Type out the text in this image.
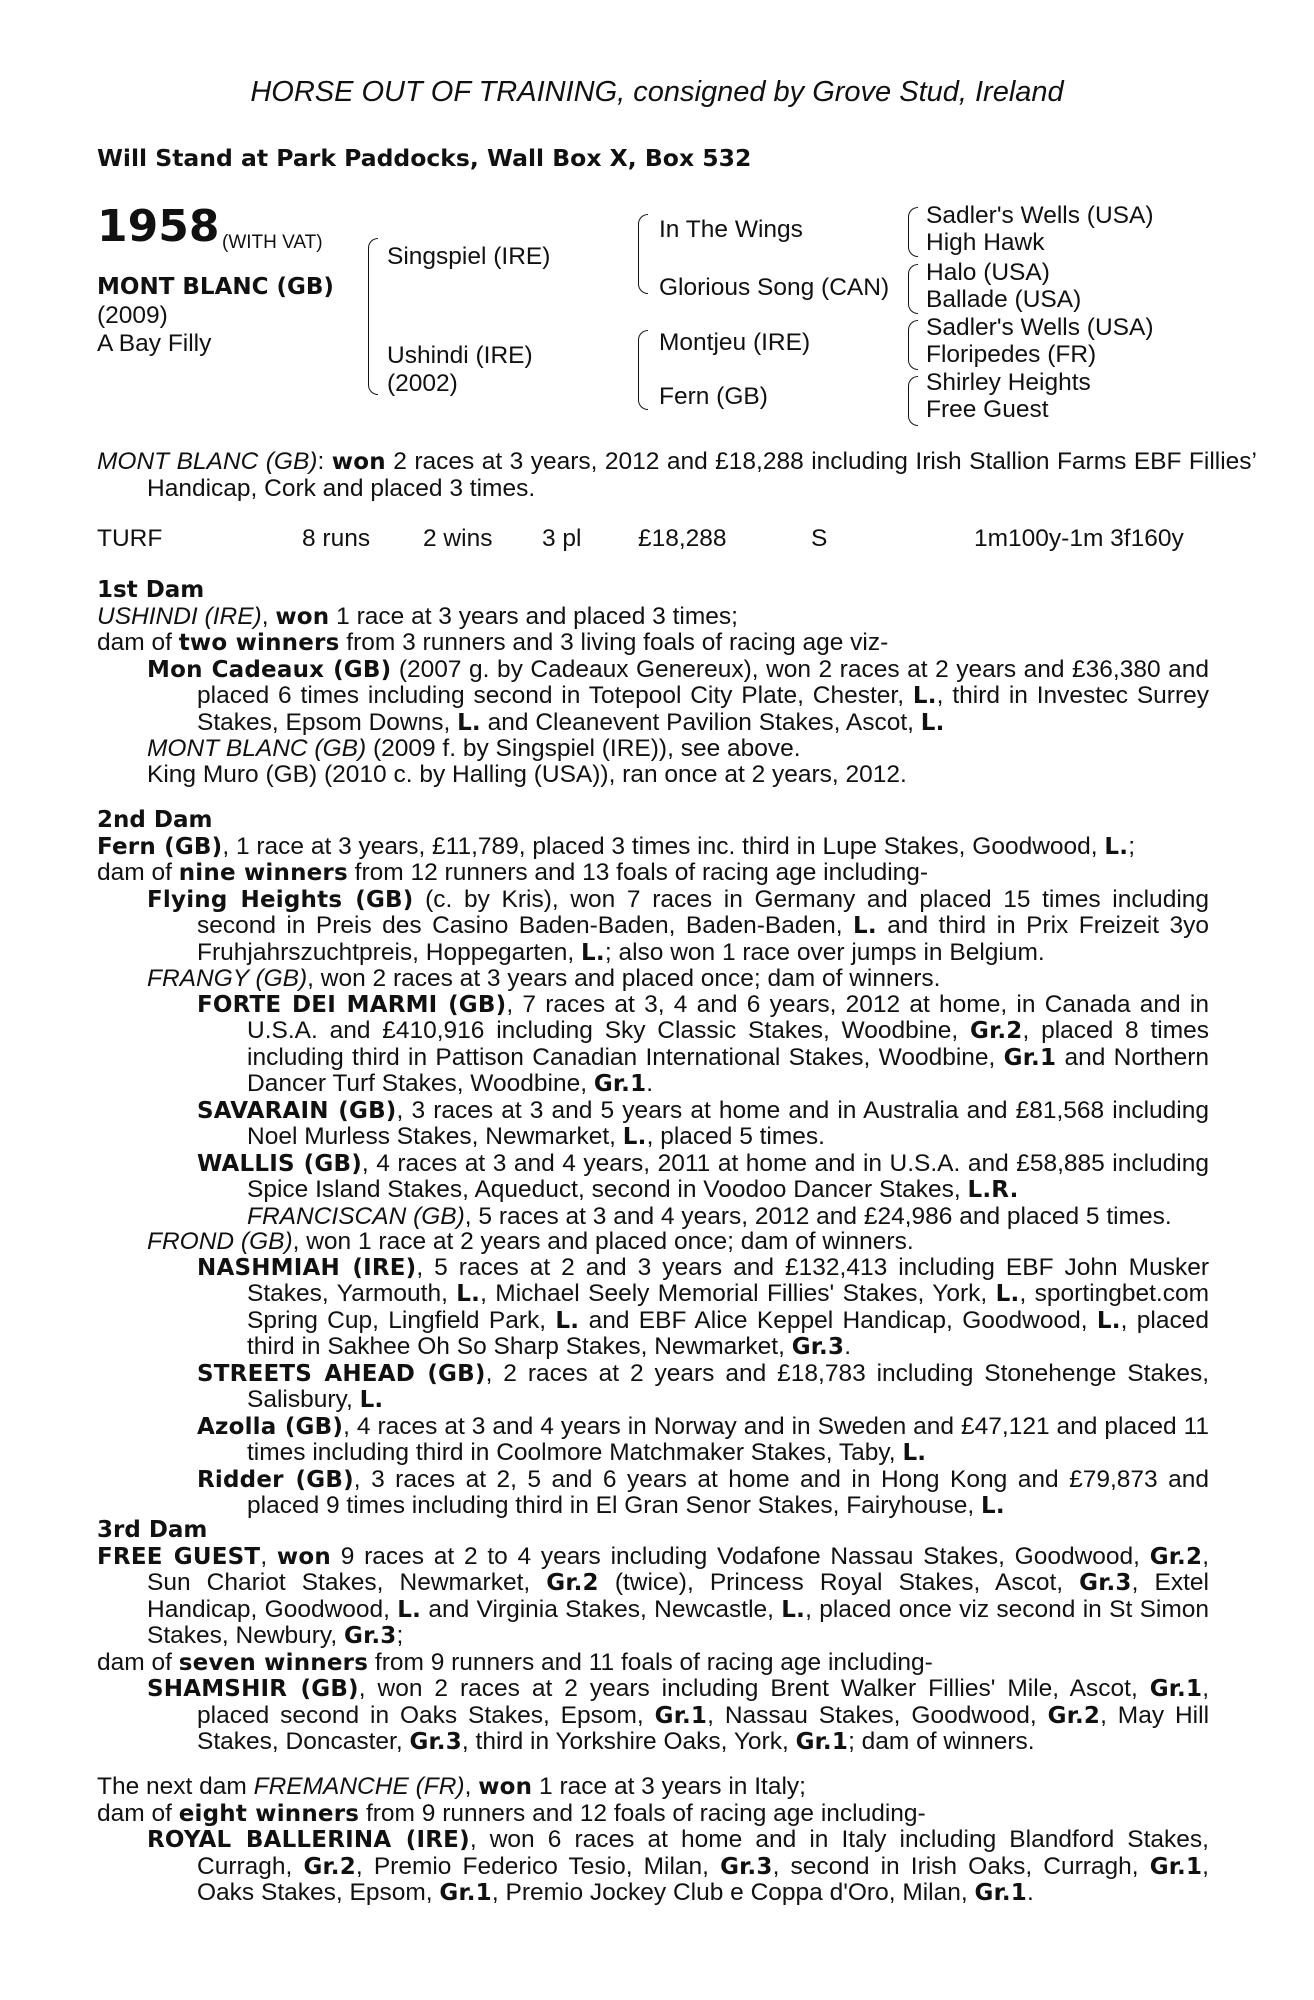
HORSE OUT OF TRAINING, consigned by Grove Stud, Ireland
Will Stand at Park Paddocks, Wall Box X, Box 532
1958 (WITH VAT)
MONT BLANC (GB)
(2009)
A Bay Filly
Singspiel (IRE)
Ushindi (IRE)
(2002)
In The Wings
Glorious Song (CAN)
Montjeu (IRE)
Fern (GB)
Sadler's Wells (USA)
High Hawk
Halo (USA)
Ballade (USA)
Sadler's Wells (USA)
Floripedes (FR)
Shirley Heights
Free Guest
MONT BLANC (GB): won 2 races at 3 years, 2012 and £18,288 including Irish Stallion Farms EBF Fillies’ Handicap, Cork and placed 3 times.
TURF	8 runs 2 wins 3 pl £18,288	S	1m100y-1m 3f160y
1st Dam
USHINDI (IRE), won 1 race at 3 years and placed 3 times;
dam of two winners from 3 runners and 3 living foals of racing age viz-
Mon Cadeaux (GB) (2007 g. by Cadeaux Genereux), won 2 races at 2 years and £36,380 and placed 6 times including second in Totepool City Plate, Chester, L., third in Investec Surrey Stakes, Epsom Downs, L. and Cleanevent Pavilion Stakes, Ascot, L.
MONT BLANC (GB) (2009 f. by Singspiel (IRE)), see above.
King Muro (GB) (2010 c. by Halling (USA)), ran once at 2 years, 2012.
2nd Dam
Fern (GB), 1 race at 3 years, £11,789, placed 3 times inc. third in Lupe Stakes, Goodwood, L.;
dam of nine winners from 12 runners and 13 foals of racing age including-
Flying Heights (GB) (c. by Kris), won 7 races in Germany and placed 15 times including second in Preis des Casino Baden-Baden, Baden-Baden, L. and third in Prix Freizeit 3yo Fruhjahrszuchtpreis, Hoppegarten, L.; also won 1 race over jumps in Belgium.
FRANGY (GB), won 2 races at 3 years and placed once; dam of winners.
FORTE DEI MARMI (GB), 7 races at 3, 4 and 6 years, 2012 at home, in Canada and in U.S.A. and £410,916 including Sky Classic Stakes, Woodbine, Gr.2, placed 8 times including third in Pattison Canadian International Stakes, Woodbine, Gr.1 and Northern Dancer Turf Stakes, Woodbine, Gr.1.
SAVARAIN (GB), 3 races at 3 and 5 years at home and in Australia and £81,568 including Noel Murless Stakes, Newmarket, L., placed 5 times.
WALLIS (GB), 4 races at 3 and 4 years, 2011 at home and in U.S.A. and £58,885 including Spice Island Stakes, Aqueduct, second in Voodoo Dancer Stakes, L.R.
FRANCISCAN (GB), 5 races at 3 and 4 years, 2012 and £24,986 and placed 5 times.
FROND (GB), won 1 race at 2 years and placed once; dam of winners.
NASHMIAH (IRE), 5 races at 2 and 3 years and £132,413 including EBF John Musker Stakes, Yarmouth, L., Michael Seely Memorial Fillies' Stakes, York, L., sportingbet.com Spring Cup, Lingfield Park, L. and EBF Alice Keppel Handicap, Goodwood, L., placed third in Sakhee Oh So Sharp Stakes, Newmarket, Gr.3.
STREETS AHEAD (GB), 2 races at 2 years and £18,783 including Stonehenge Stakes, Salisbury, L.
Azolla (GB), 4 races at 3 and 4 years in Norway and in Sweden and £47,121 and placed 11 times including third in Coolmore Matchmaker Stakes, Taby, L.
Ridder (GB), 3 races at 2, 5 and 6 years at home and in Hong Kong and £79,873 and placed 9 times including third in El Gran Senor Stakes, Fairyhouse, L.
3rd Dam
FREE GUEST, won 9 races at 2 to 4 years including Vodafone Nassau Stakes, Goodwood, Gr.2, Sun Chariot Stakes, Newmarket, Gr.2 (twice), Princess Royal Stakes, Ascot, Gr.3, Extel Handicap, Goodwood, L. and Virginia Stakes, Newcastle, L., placed once viz second in St Simon Stakes, Newbury, Gr.3;
dam of seven winners from 9 runners and 11 foals of racing age including-
SHAMSHIR (GB), won 2 races at 2 years including Brent Walker Fillies' Mile, Ascot, Gr.1, placed second in Oaks Stakes, Epsom, Gr.1, Nassau Stakes, Goodwood, Gr.2, May Hill Stakes, Doncaster, Gr.3, third in Yorkshire Oaks, York, Gr.1; dam of winners.
The next dam FREMANCHE (FR), won 1 race at 3 years in Italy;
dam of eight winners from 9 runners and 12 foals of racing age including-
ROYAL BALLERINA (IRE), won 6 races at home and in Italy including Blandford Stakes, Curragh, Gr.2, Premio Federico Tesio, Milan, Gr.3, second in Irish Oaks, Curragh, Gr.1, Oaks Stakes, Epsom, Gr.1, Premio Jockey Club e Coppa d'Oro, Milan, Gr.1.
